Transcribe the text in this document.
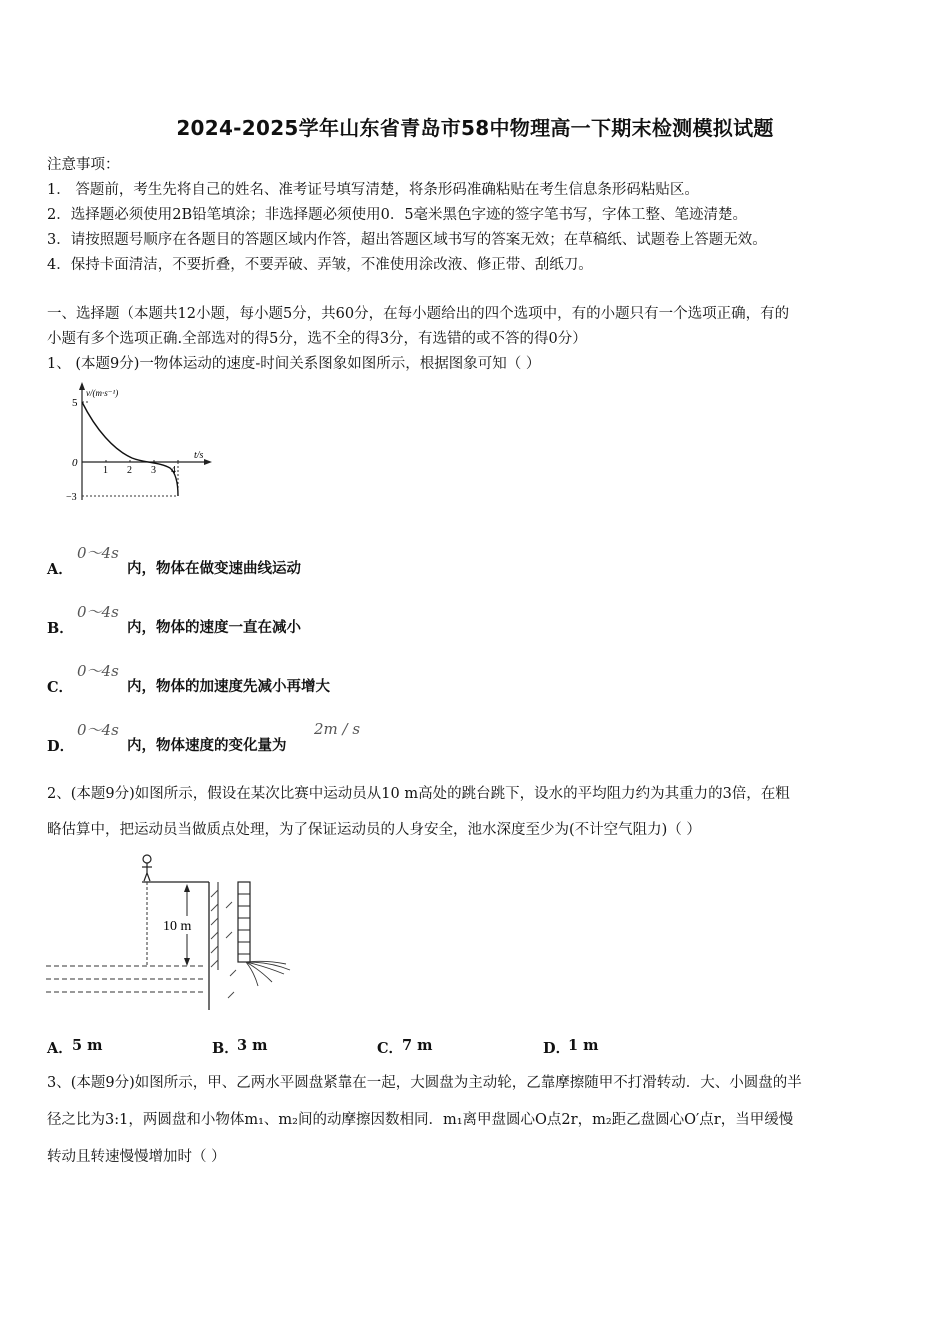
2024-2025学年山东省青岛市58中物理高一下期末检测模拟试题
注意事项：
1． 答题前，考生先将自己的姓名、准考证号填写清楚，将条形码准确粘贴在考生信息条形码粘贴区。
2．选择题必须使用2B铅笔填涂；非选择题必须使用0．5毫米黑色字迹的签字笔书写，字体工整、笔迹清楚。
3．请按照题号顺序在各题目的答题区域内作答，超出答题区域书写的答案无效；在草稿纸、试题卷上答题无效。
4．保持卡面清洁，不要折叠，不要弄破、弄皱，不准使用涂改液、修正带、刮纸刀。
一、选择题（本题共12小题，每小题5分，共60分，在每小题给出的四个选项中，有的小题只有一个选项正确，有的
小题有多个选项正确.全部选对的得5分，选不全的得3分，有选错的或不答的得0分）
1、 (本题9分)一物体运动的速度-时间关系图象如图所示，根据图象可知（ ）
v/(m·s⁻¹)
t/s
5
0
−3
1 2 3 4
A．
0～4s
内，物体在做变速曲线运动
B．
0～4s
内，物体的速度一直在减小
C．
0～4s
内，物体的加速度先减小再增大
D．
0～4s
内，物体速度的变化量为
2m / s
2、(本题9分)如图所示，假设在某次比赛中运动员从10 m高处的跳台跳下，设水的平均阻力约为其重力的3倍，在粗
略估算中，把运动员当做质点处理，为了保证运动员的人身安全，池水深度至少为(不计空气阻力)（ ）
10 m
A． 5 m	B．
3 m	C．
7 m	D．
1 m
3、(本题9分)如图所示，甲、乙两水平圆盘紧靠在一起，大圆盘为主动轮，乙靠摩擦随甲不打滑转动．大、小圆盘的半
径之比为3:1，两圆盘和小物体m₁、m₂间的动摩擦因数相同．m₁离甲盘圆心O点2r，m₂距乙盘圆心O′点r，当甲缓慢
转动且转速慢慢增加时（ ）
